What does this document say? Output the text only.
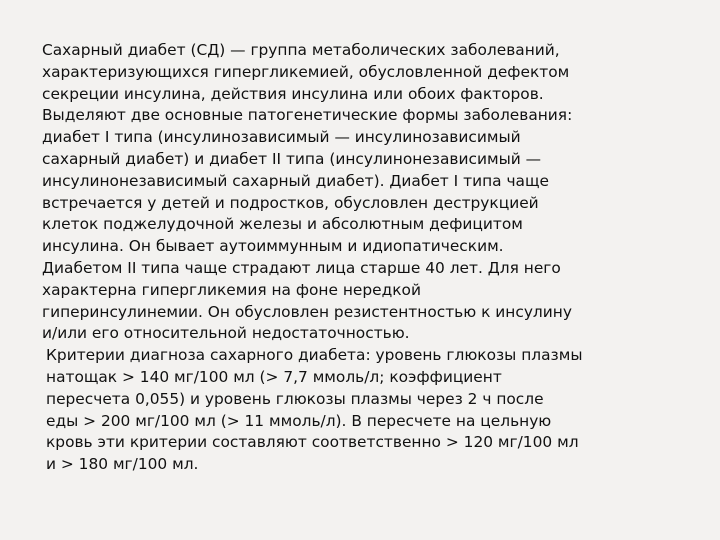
Сахарный диабет (СД) — группа метаболических заболеваний,
характеризующихся гипергликемией, обусловленной дефектом
секреции инсулина, действия инсулина или обоих факторов.
Выделяют две основные патогенетические формы заболевания:
диабет I типа (инсулинозависимый — инсулинозависимый
сахарный диабет) и диабет II типа (инсулинонезависимый —
инсулинонезависимый сахарный диабет). Диабет I типа чаще
встречается у детей и подростков, обусловлен деструкцией
клеток поджелудочной железы и абсолютным дефицитом
инсулина. Он бывает аутоиммунным и идиопатическим.
Диабетом II типа чаще страдают лица старше 40 лет. Для него
характерна гипергликемия на фоне нередкой
гиперинсулинемии. Он обусловлен резистентностью к инсулину
и/или его относительной недостаточностью.
Критерии диагноза сахарного диабета: уровень глюкозы плазмы
натощак > 140 мг/100 мл (> 7,7 ммоль/л; коэффициент
пересчета 0,055) и уровень глюкозы плазмы через 2 ч после
еды > 200 мг/100 мл (> 11 ммоль/л). В пересчете на цельную
кровь эти критерии составляют соответственно > 120 мг/100 мл
и > 180 мг/100 мл.
